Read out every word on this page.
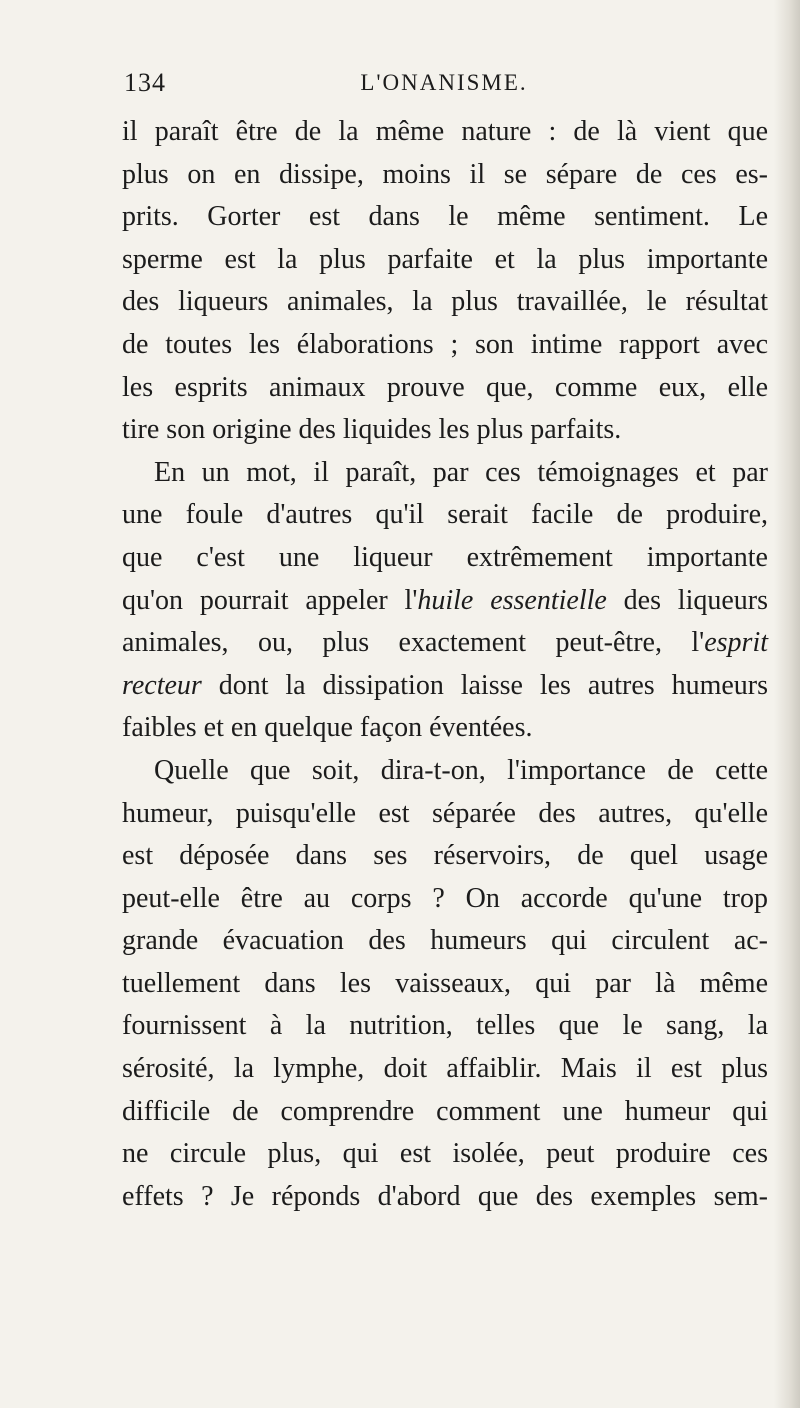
134	L'ONANISME.
il paraît être de la même nature : de là vient que
plus on en dissipe, moins il se sépare de ces es-
prits. Gorter est dans le même sentiment. Le
sperme est la plus parfaite et la plus importante
des liqueurs animales, la plus travaillée, le résultat
de toutes les élaborations ; son intime rapport avec
les esprits animaux prouve que, comme eux, elle
tire son origine des liquides les plus parfaits.
En un mot, il paraît, par ces témoignages et par
une foule d'autres qu'il serait facile de produire,
que c'est une liqueur extrêmement importante
qu'on pourrait appeler l'huile essentielle des liqueurs
animales, ou, plus exactement peut-être, l'esprit
recteur dont la dissipation laisse les autres humeurs
faibles et en quelque façon éventées.
Quelle que soit, dira-t-on, l'importance de cette
humeur, puisqu'elle est séparée des autres, qu'elle
est déposée dans ses réservoirs, de quel usage
peut-elle être au corps ? On accorde qu'une trop
grande évacuation des humeurs qui circulent ac-
tuellement dans les vaisseaux, qui par là même
fournissent à la nutrition, telles que le sang, la
sérosité, la lymphe, doit affaiblir. Mais il est plus
difficile de comprendre comment une humeur qui
ne circule plus, qui est isolée, peut produire ces
effets ? Je réponds d'abord que des exemples sem-
